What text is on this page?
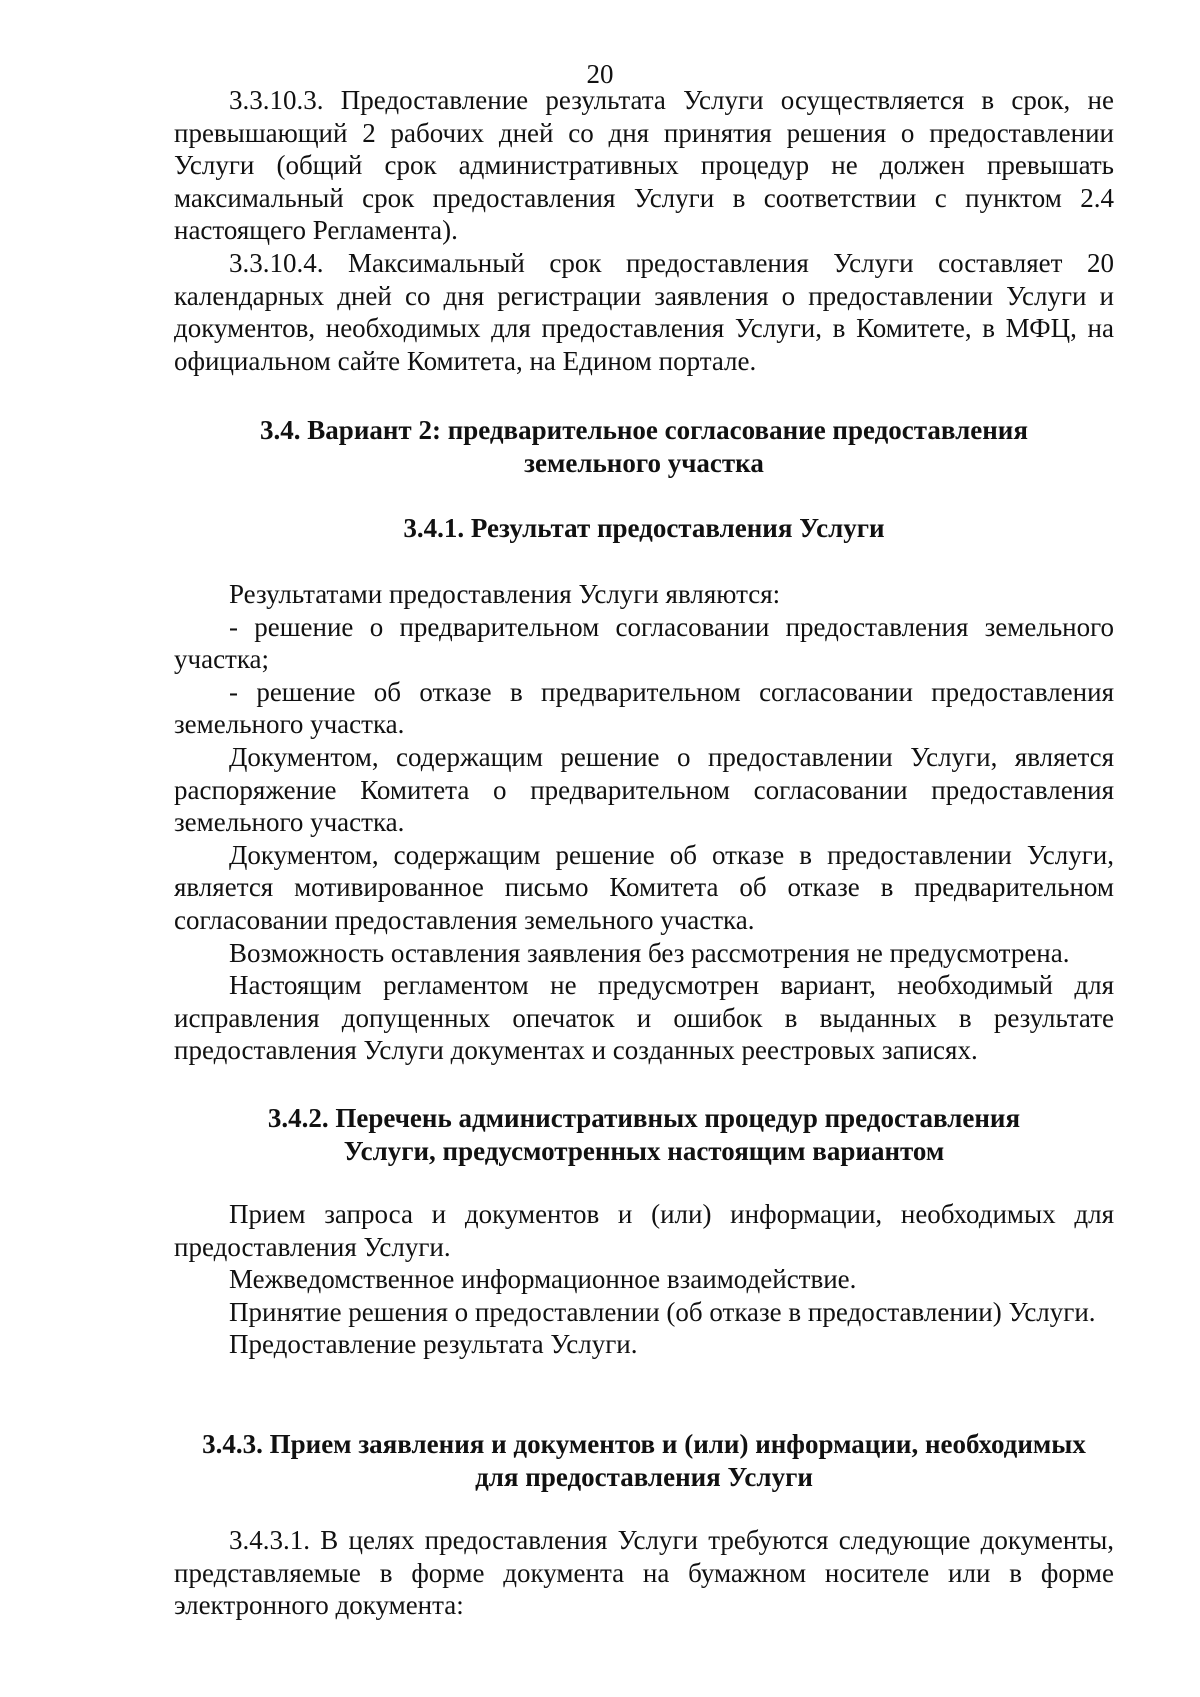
20

3.3.10.3. Предоставление результата Услуги осуществляется в срок, не превышающий 2 рабочих дней со дня принятия решения о предоставлении Услуги (общий срок административных процедур не должен превышать максимальный срок предоставления Услуги в соответствии с пунктом 2.4 настоящего Регламента).

3.3.10.4. Максимальный срок предоставления Услуги составляет 20 календарных дней со дня регистрации заявления о предоставлении Услуги и документов, необходимых для предоставления Услуги, в Комитете, в МФЦ, на официальном сайте Комитета, на Едином портале.

3.4. Вариант 2: предварительное согласование предоставления

земельного участка

3.4.1. Результат предоставления Услуги

Результатами предоставления Услуги являются:

- решение о предварительном согласовании предоставления земельного участка;

- решение об отказе в предварительном согласовании предоставления земельного участка.

Документом, содержащим решение о предоставлении Услуги, является распоряжение Комитета о предварительном согласовании предоставления земельного участка.

Документом, содержащим решение об отказе в предоставлении Услуги, является мотивированное письмо Комитета об отказе в предварительном согласовании предоставления земельного участка.

Возможность оставления заявления без рассмотрения не предусмотрена.

Настоящим регламентом не предусмотрен вариант, необходимый для исправления допущенных опечаток и ошибок в выданных в результате предоставления Услуги документах и созданных реестровых записях.

3.4.2. Перечень административных процедур предоставления

Услуги, предусмотренных настоящим вариантом

Прием запроса и документов и (или) информации, необходимых для предоставления Услуги.

Межведомственное информационное взаимодействие.

Принятие решения о предоставлении (об отказе в предоставлении) Услуги.

Предоставление результата Услуги.

3.4.3. Прием заявления и документов и (или) информации, необходимых

для предоставления Услуги

3.4.3.1. В целях предоставления Услуги требуются следующие документы, представляемые в форме документа на бумажном носителе или в форме электронного документа:
